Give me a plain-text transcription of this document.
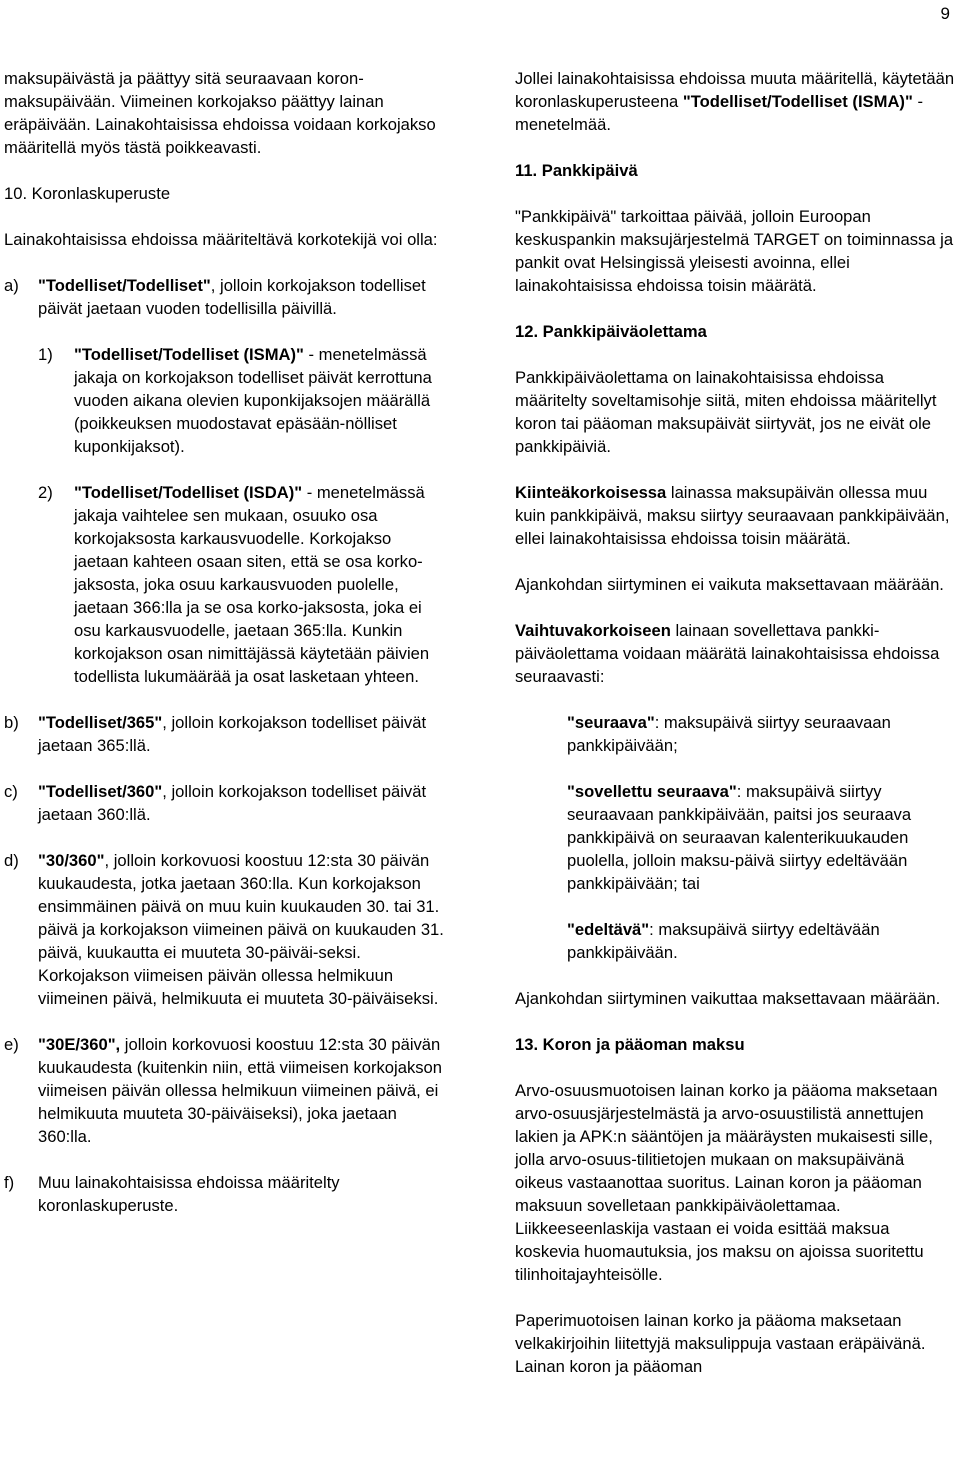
9

maksupäivästä ja päättyy sitä seuraavaan koron-maksupäivään. Viimeinen korkojakso päättyy lainan eräpäivään. Lainakohtaisissa ehdoissa voidaan korkojakso määritellä myös tästä poikkeavasti.

10. Koronlaskuperuste

Lainakohtaisissa ehdoissa määriteltävä korkotekijä voi olla:

a) "Todelliset/Todelliset", jolloin korkojakson todelliset päivät jaetaan vuoden todellisilla päivillä.
1) "Todelliset/Todelliset (ISMA)" - menetelmässä jakaja on korkojakson todelliset päivät kerrottuna vuoden aikana olevien kuponkijaksojen määrällä (poikkeuksen muodostavat epäsään-nölliset kuponkijaksot).
2) "Todelliset/Todelliset (ISDA)" - menetelmässä jakaja vaihtelee sen mukaan, osuuko osa korkojaksosta karkausvuodelle. Korkojakso jaetaan kahteen osaan siten, että se osa korko-jaksosta, joka osuu karkausvuoden puolelle, jaetaan 366:lla ja se osa korko-jaksosta, joka ei osu karkausvuodelle, jaetaan 365:lla. Kunkin korkojakson osan nimittäjässä käytetään päivien todellista lukumäärää ja osat lasketaan yhteen.
b) "Todelliset/365", jolloin korkojakson todelliset päivät jaetaan 365:llä.
c) "Todelliset/360", jolloin korkojakson todelliset päivät jaetaan 360:llä.
d) "30/360", jolloin korkovuosi koostuu 12:sta 30 päivän kuukaudesta, jotka jaetaan 360:lla. Kun korkojakson ensimmäinen päivä on muu kuin kuukauden 30. tai 31. päivä ja korkojakson viimeinen päivä on kuukauden 31. päivä, kuukautta ei muuteta 30-päiväi-seksi. Korkojakson viimeisen päivän ollessa helmikuun viimeinen päivä, helmikuuta ei muuteta 30-päiväiseksi.
e) "30E/360", jolloin korkovuosi koostuu 12:sta 30 päivän kuukaudesta (kuitenkin niin, että viimeisen korkojakson viimeisen päivän ollessa helmikuun viimeinen päivä, ei helmikuuta muuteta 30-päiväiseksi), joka jaetaan 360:lla.
f) Muu lainakohtaisissa ehdoissa määritelty koronlaskuperuste.

Jollei lainakohtaisissa ehdoissa muuta määritellä, käytetään koronlaskuperusteena "Todelliset/Todelliset (ISMA)" -menetelmää.

11. Pankkipäivä

"Pankkipäivä" tarkoittaa päivää, jolloin Euroopan keskuspankin maksujärjestelmä TARGET on toiminnassa ja pankit ovat Helsingissä yleisesti avoinna, ellei lainakohtaisissa ehdoissa toisin määrätä.

12. Pankkipäiväolettama

Pankkipäiväolettama on lainakohtaisissa ehdoissa määritelty soveltamisohje siitä, miten ehdoissa määritellyt koron tai pääoman maksupäivät siirtyvät, jos ne eivät ole pankkipäiviä.

Kiinteäkorkoisessa lainassa maksupäivän ollessa muu kuin pankkipäivä, maksu siirtyy seuraavaan pankkipäivään, ellei lainakohtaisissa ehdoissa toisin määrätä.

Ajankohdan siirtyminen ei vaikuta maksettavaan määrään.

Vaihtuvakorkoiseen lainaan sovellettava pankki-päiväolettama voidaan määrätä lainakohtaisissa ehdoissa seuraavasti:

"seuraava": maksupäivä siirtyy seuraavaan pankkipäivään;

"sovellettu seuraava": maksupäivä siirtyy seuraavaan pankkipäivään, paitsi jos seuraava pankkipäivä on seuraavan kalenterikuukauden puolella, jolloin maksu-päivä siirtyy edeltävään pankkipäivään; tai

"edeltävä": maksupäivä siirtyy edeltävään pankkipäivään.

Ajankohdan siirtyminen vaikuttaa maksettavaan määrään.

13. Koron ja pääoman maksu

Arvo-osuusmuotoisen lainan korko ja pääoma maksetaan arvo-osuusjärjestelmästä ja arvo-osuustilistä annettujen lakien ja APK:n sääntöjen ja määräysten mukaisesti sille, jolla arvo-osuus-tilitietojen mukaan on maksupäivänä oikeus vastaanottaa suoritus. Lainan koron ja pääoman maksuun sovelletaan pankkipäiväolettamaa. Liikkeeseenlaskija vastaan ei voida esittää maksua koskevia huomautuksia, jos maksu on ajoissa suoritettu tilinhoitajayhteisölle.

Paperimuotoisen lainan korko ja pääoma maksetaan velkakirjoihin liitettyjä maksulippuja vastaan eräpäivänä. Lainan koron ja pääoman
